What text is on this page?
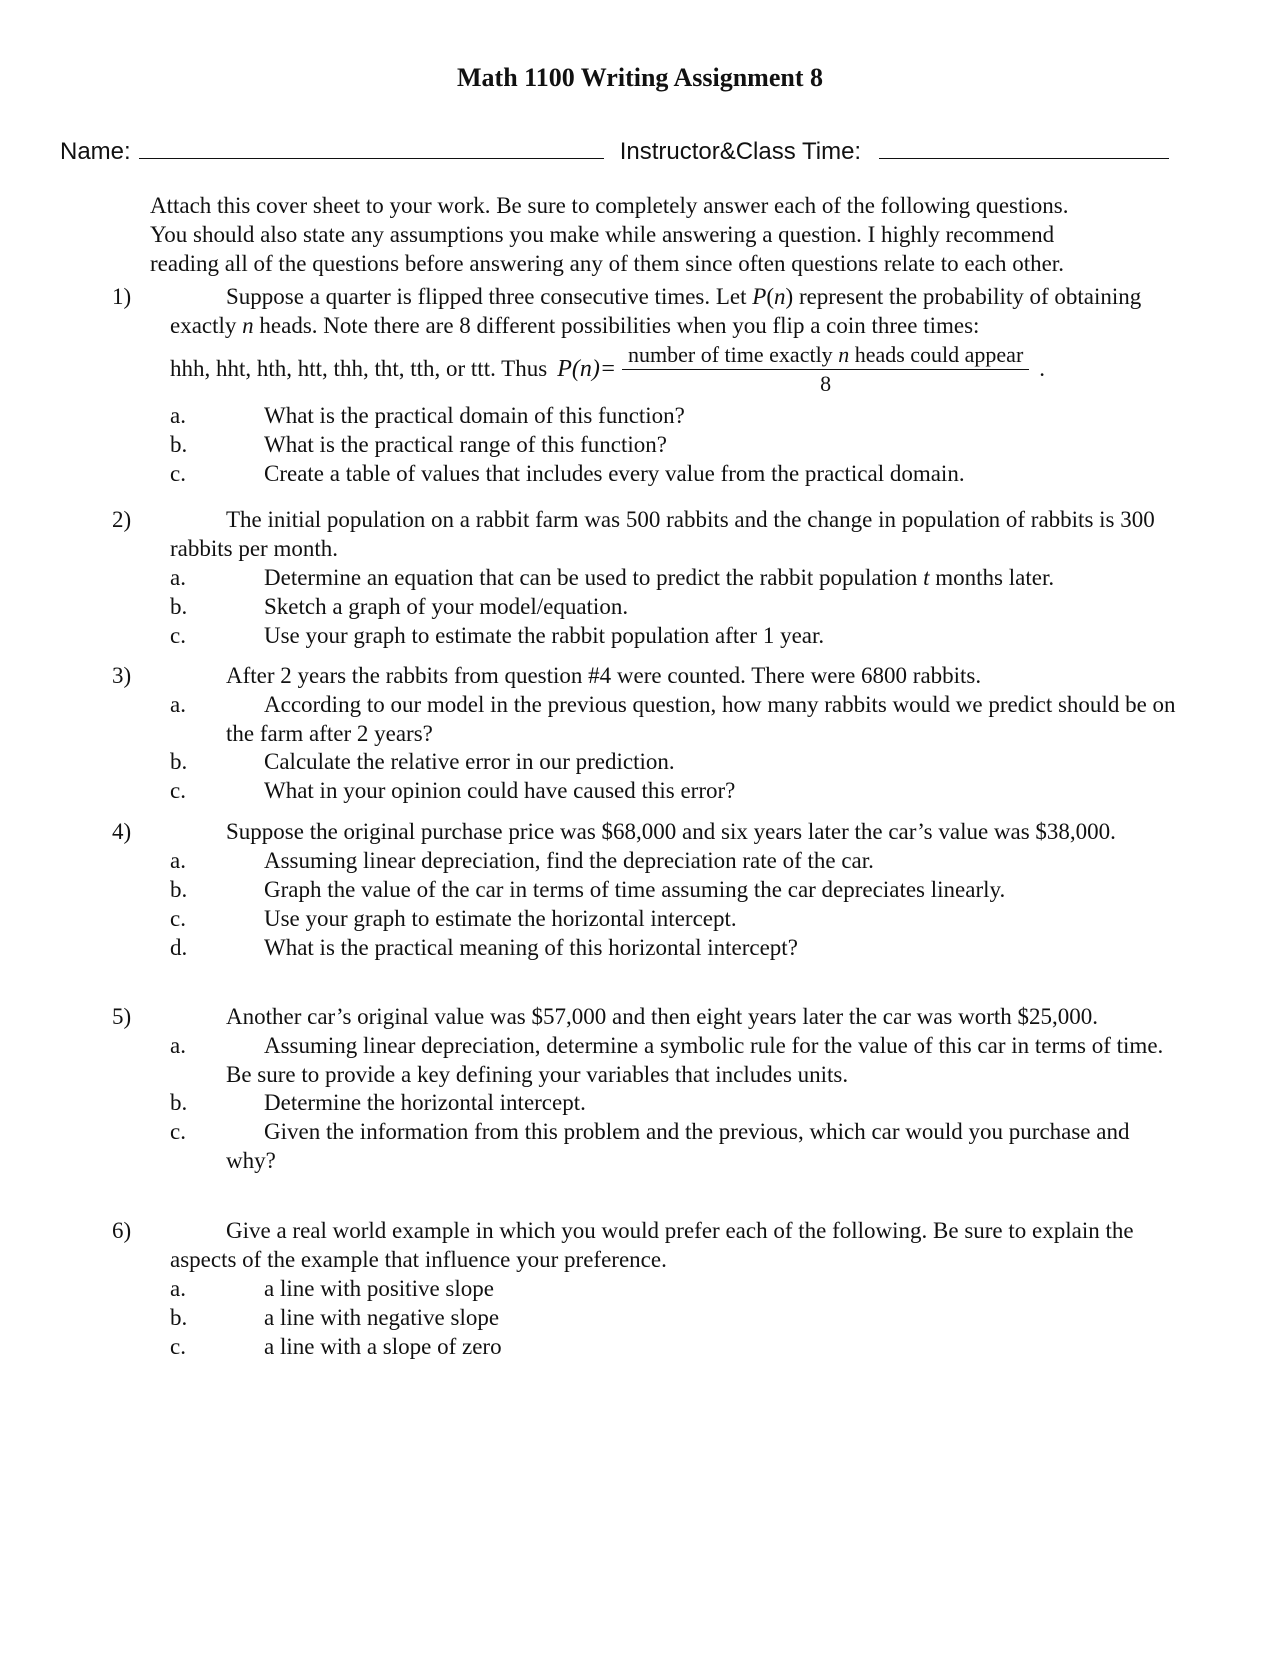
Math 1100 Writing Assignment 8
Name:	Instructor&Class Time:

Attach this cover sheet to your work. Be sure to completely answer each of the following questions.

You should also state any assumptions you make while answering a question. I highly recommend

reading all of the questions before answering any of them since often questions relate to each other.

1)	Suppose a quarter is flipped three consecutive times. Let P(n) represent the probability of obtaining exactly n heads. Note there are 8 different possibilities when you flip a coin three times:
hhh, hht, hth, htt, thh, tht, tth, or ttt. Thus $P(n)= \frac{\text{number of time exactly n heads could appear}}{8}$ .
a.	What is the practical domain of this function?
b.	What is the practical range of this function?
c.	Create a table of values that includes every value from the practical domain.
2)	The initial population on a rabbit farm was 500 rabbits and the change in population of rabbits is 300 rabbits per month.
a.	Determine an equation that can be used to predict the rabbit population t months later.
b.	Sketch a graph of your model/equation.
c.	Use your graph to estimate the rabbit population after 1 year.
3)	After 2 years the rabbits from question #4 were counted. There were 6800 rabbits.
a.	According to our model in the previous question, how many rabbits would we predict should be on the farm after 2 years?
b.	Calculate the relative error in our prediction.
c.	What in your opinion could have caused this error?
4)	Suppose the original purchase price was $68,000 and six years later the car’s value was $38,000.
a.	Assuming linear depreciation, find the depreciation rate of the car.
b.	Graph the value of the car in terms of time assuming the car depreciates linearly.
c.	Use your graph to estimate the horizontal intercept.
d.	What is the practical meaning of this horizontal intercept?
5)	Another car’s original value was $57,000 and then eight years later the car was worth $25,000.
a.	Assuming linear depreciation, determine a symbolic rule for the value of this car in terms of time. Be sure to provide a key defining your variables that includes units.
b.	Determine the horizontal intercept.
c.	Given the information from this problem and the previous, which car would you purchase and why?
6)	Give a real world example in which you would prefer each of the following. Be sure to explain the aspects of the example that influence your preference.
a.	a line with positive slope
b.	a line with negative slope
c.	a line with a slope of zero
